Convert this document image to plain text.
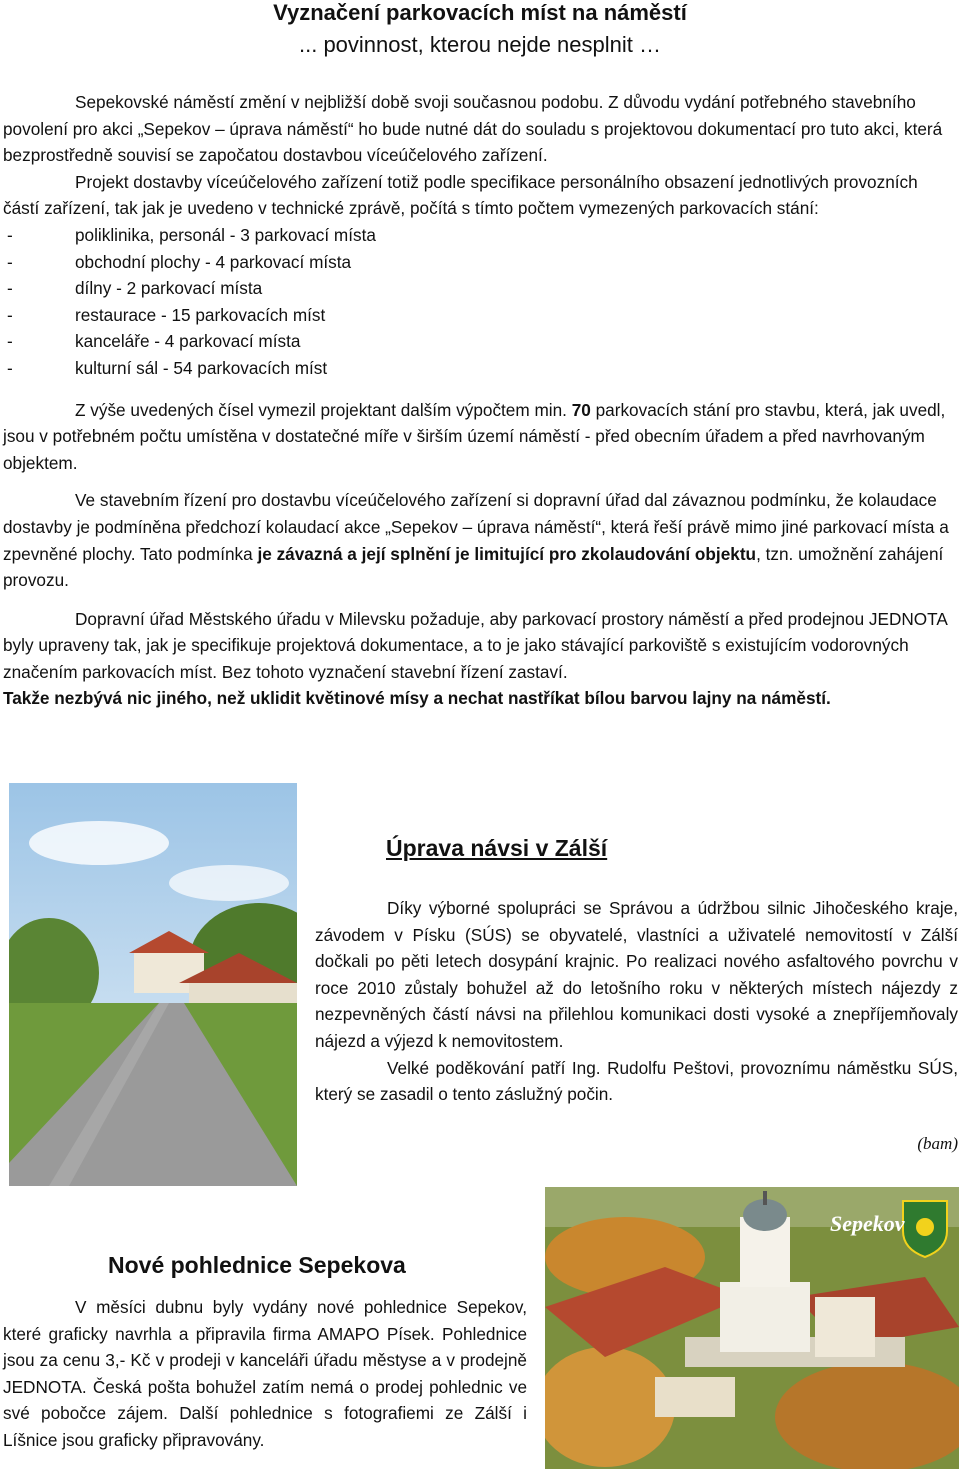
Vyznačení parkovacích míst na náměstí
... povinnost, kterou nejde nesplnit …

Sepekovské náměstí změní v nejbližší době svoji současnou podobu. Z důvodu vydání potřebného stavebního povolení pro akci „Sepekov – úprava náměstí“ ho bude nutné dát do souladu s projektovou dokumentací pro tuto akci, která bezprostředně souvisí se započatou dostavbou víceúčelového zařízení.

Projekt dostavby víceúčelového zařízení totiž podle specifikace personálního obsazení jednotlivých provozních částí zařízení, tak jak je uvedeno v technické zprávě, počítá s tímto počtem vymezených parkovacích stání:

-	poliklinika, personál - 3 parkovací místa
-	obchodní plochy - 4 parkovací místa
-	dílny - 2 parkovací místa
-	restaurace - 15 parkovacích míst
-	kanceláře - 4 parkovací místa
-	kulturní sál - 54 parkovacích míst

Z výše uvedených čísel vymezil projektant dalším výpočtem min. 70 parkovacích stání pro stavbu, která, jak uvedl, jsou v potřebném počtu umístěna v dostatečné míře v širším území náměstí - před obecním úřadem a před navrhovaným objektem.

Ve stavebním řízení pro dostavbu víceúčelového zařízení si dopravní úřad dal závaznou podmínku, že kolaudace dostavby je podmíněna předchozí kolaudací akce „Sepekov – úprava náměstí“, která řeší právě mimo jiné parkovací místa a zpevněné plochy. Tato podmínka je závazná a její splnění je limitující pro zkolaudování objektu, tzn. umožnění zahájení provozu.

Dopravní úřad Městského úřadu v Milevsku požaduje, aby parkovací prostory náměstí a před prodejnou JEDNOTA byly upraveny tak, jak je specifikuje projektová dokumentace, a to je jako stávající parkoviště s existujícím vodorovných značením parkovacích míst. Bez tohoto vyznačení stavební řízení zastaví.

Takže nezbývá nic jiného, než uklidit květinové mísy a nechat nastříkat bílou barvou lajny na náměstí.

Úprava návsi v Zálší

Díky výborné spolupráci se Správou a údržbou silnic Jihočeského kraje, závodem v Písku (SÚS) se obyvatelé, vlastníci a uživatelé nemovitostí v Zálší dočkali po pěti letech dosypání krajnic. Po realizaci nového asfaltového povrchu v roce 2010 zůstaly bohužel až do letošního roku v některých místech nájezdy z nezpevněných částí návsi na přilehlou komunikaci dosti vysoké a znepříjemňovaly nájezd a výjezd k nemovitostem.

Velké poděkování patří Ing. Rudolfu Peštovi, provoznímu náměstku SÚS, který se zasadil o tento záslužný počin.

(bam)
Sepekov
Nové pohlednice Sepekova

V měsíci dubnu byly vydány nové pohlednice Sepekov, které graficky navrhla a připravila firma AMAPO Písek. Pohlednice jsou za cenu 3,- Kč v prodeji v kanceláři úřadu městyse a v prodejně JEDNOTA. Česká pošta bohužel zatím nemá o prodej pohlednic ve své pobočce zájem. Další pohlednice s fotografiemi ze Zálší i Líšnice jsou graficky připravovány.
